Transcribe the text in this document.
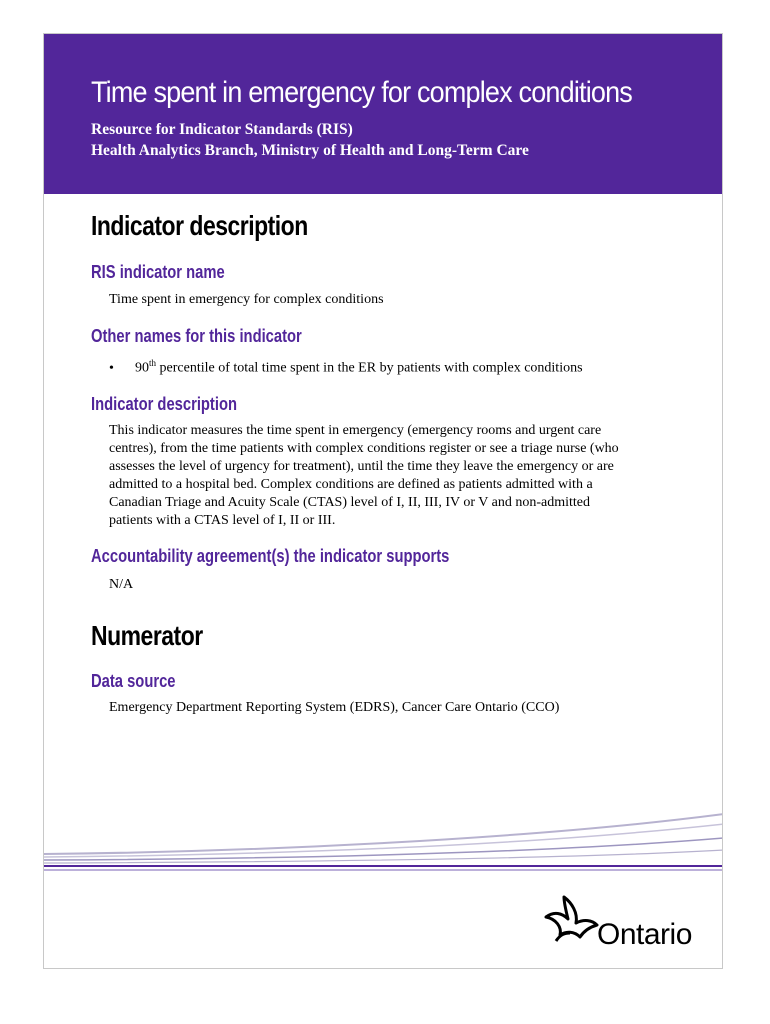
Time spent in emergency for complex conditions
Resource for Indicator Standards (RIS)
Health Analytics Branch, Ministry of Health and Long-Term Care
Indicator description
RIS indicator name
Time spent in emergency for complex conditions
Other names for this indicator
• 90th percentile of total time spent in the ER by patients with complex conditions
Indicator description
This indicator measures the time spent in emergency (emergency rooms and urgent care
centres), from the time patients with complex conditions register or see a triage nurse (who
assesses the level of urgency for treatment), until the time they leave the emergency or are
admitted to a hospital bed. Complex conditions are defined as patients admitted with a
Canadian Triage and Acuity Scale (CTAS) level of I, II, III, IV or V and non-admitted
patients with a CTAS level of I, II or III.
Accountability agreement(s) the indicator supports
N/A
Numerator
Data source
Emergency Department Reporting System (EDRS), Cancer Care Ontario (CCO)
Ontario
